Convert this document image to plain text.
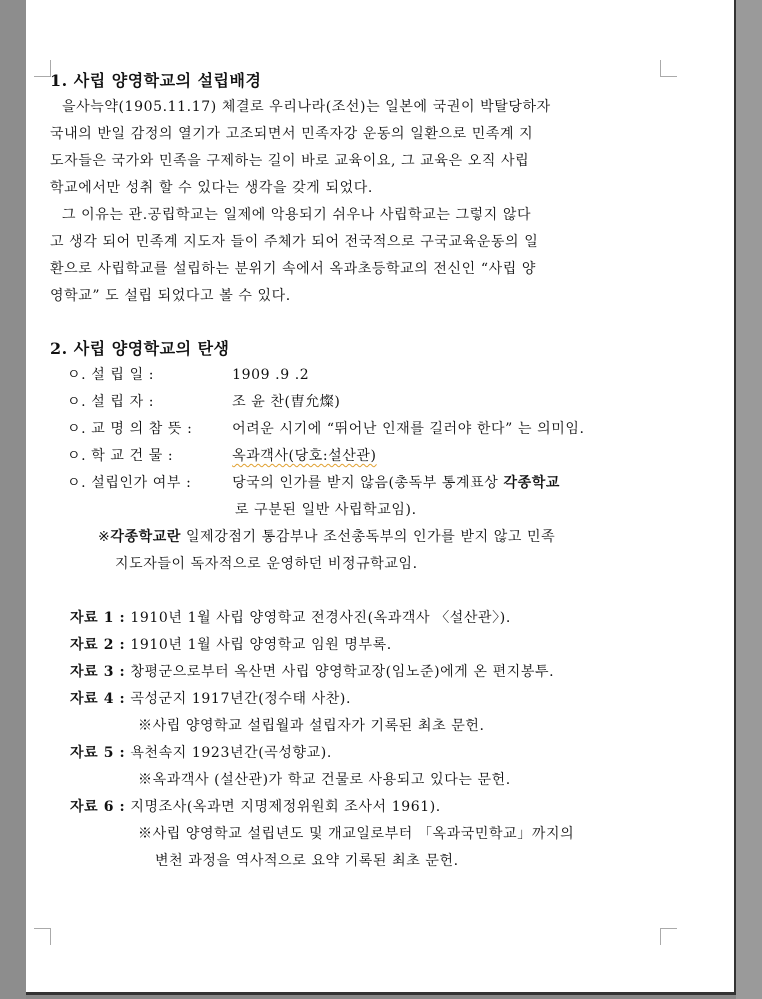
1. 사립 양영학교의 설립배경
을사늑약(1905.11.17) 체결로 우리나라(조선)는 일본에 국권이 박탈당하자
국내의 반일 감정의 열기가 고조되면서 민족자강 운동의 일환으로 민족계 지
도자들은 국가와 민족을 구제하는 길이 바로 교육이요, 그 교육은 오직 사립
학교에서만 성취 할 수 있다는 생각을 갖게 되었다.
그 이유는 관.공립학교는 일제에 악용되기 쉬우나 사립학교는 그렇지 않다
고 생각 되어 민족계 지도자 들이 주체가 되어 전국적으로 구국교육운동의 일
환으로 사립학교를 설립하는 분위기 속에서 옥과초등학교의 전신인 “사립 양
영학교” 도 설립 되었다고 볼 수 있다.
2. 사립 양영학교의 탄생
ㅇ. 설 립 일 :	1909 .9 .2
ㅇ. 설 립 자 :	조 윤 찬(曺允燦)
ㅇ. 교 명 의 참 뜻 :	어려운 시기에 “뛰어난 인재를 길러야 한다” 는 의미임.
ㅇ. 학 교 건 물 :	옥과객사(당호:설산관)
ㅇ. 설립인가 여부 :	당국의 인가를 받지 않음(총독부 통계표상 각종학교
로 구분된 일반 사립학교임).
※각종학교란 일제강점기 통감부나 조선총독부의 인가를 받지 않고 민족
지도자들이 독자적으로 운영하던 비정규학교임.
자료 1 : 1910년 1월 사립 양영학교 전경사진(옥과객사 〈설산관〉).
자료 2 : 1910년 1월 사립 양영학교 임원 명부록.
자료 3 : 창평군으로부터 옥산면 사립 양영학교장(임노준)에게 온 편지봉투.
자료 4 : 곡성군지 1917년간(정수태 사찬).
※사립 양영학교 설립월과 설립자가 기록된 최초 문헌.
자료 5 : 욕천속지 1923년간(곡성향교).
※옥과객사 (설산관)가 학교 건물로 사용되고 있다는 문헌.
자료 6 : 지명조사(옥과면 지명제정위원회 조사서 1961).
※사립 양영학교 설립년도 및 개교일로부터 「옥과국민학교」까지의
변천 과정을 역사적으로 요약 기록된 최초 문헌.
